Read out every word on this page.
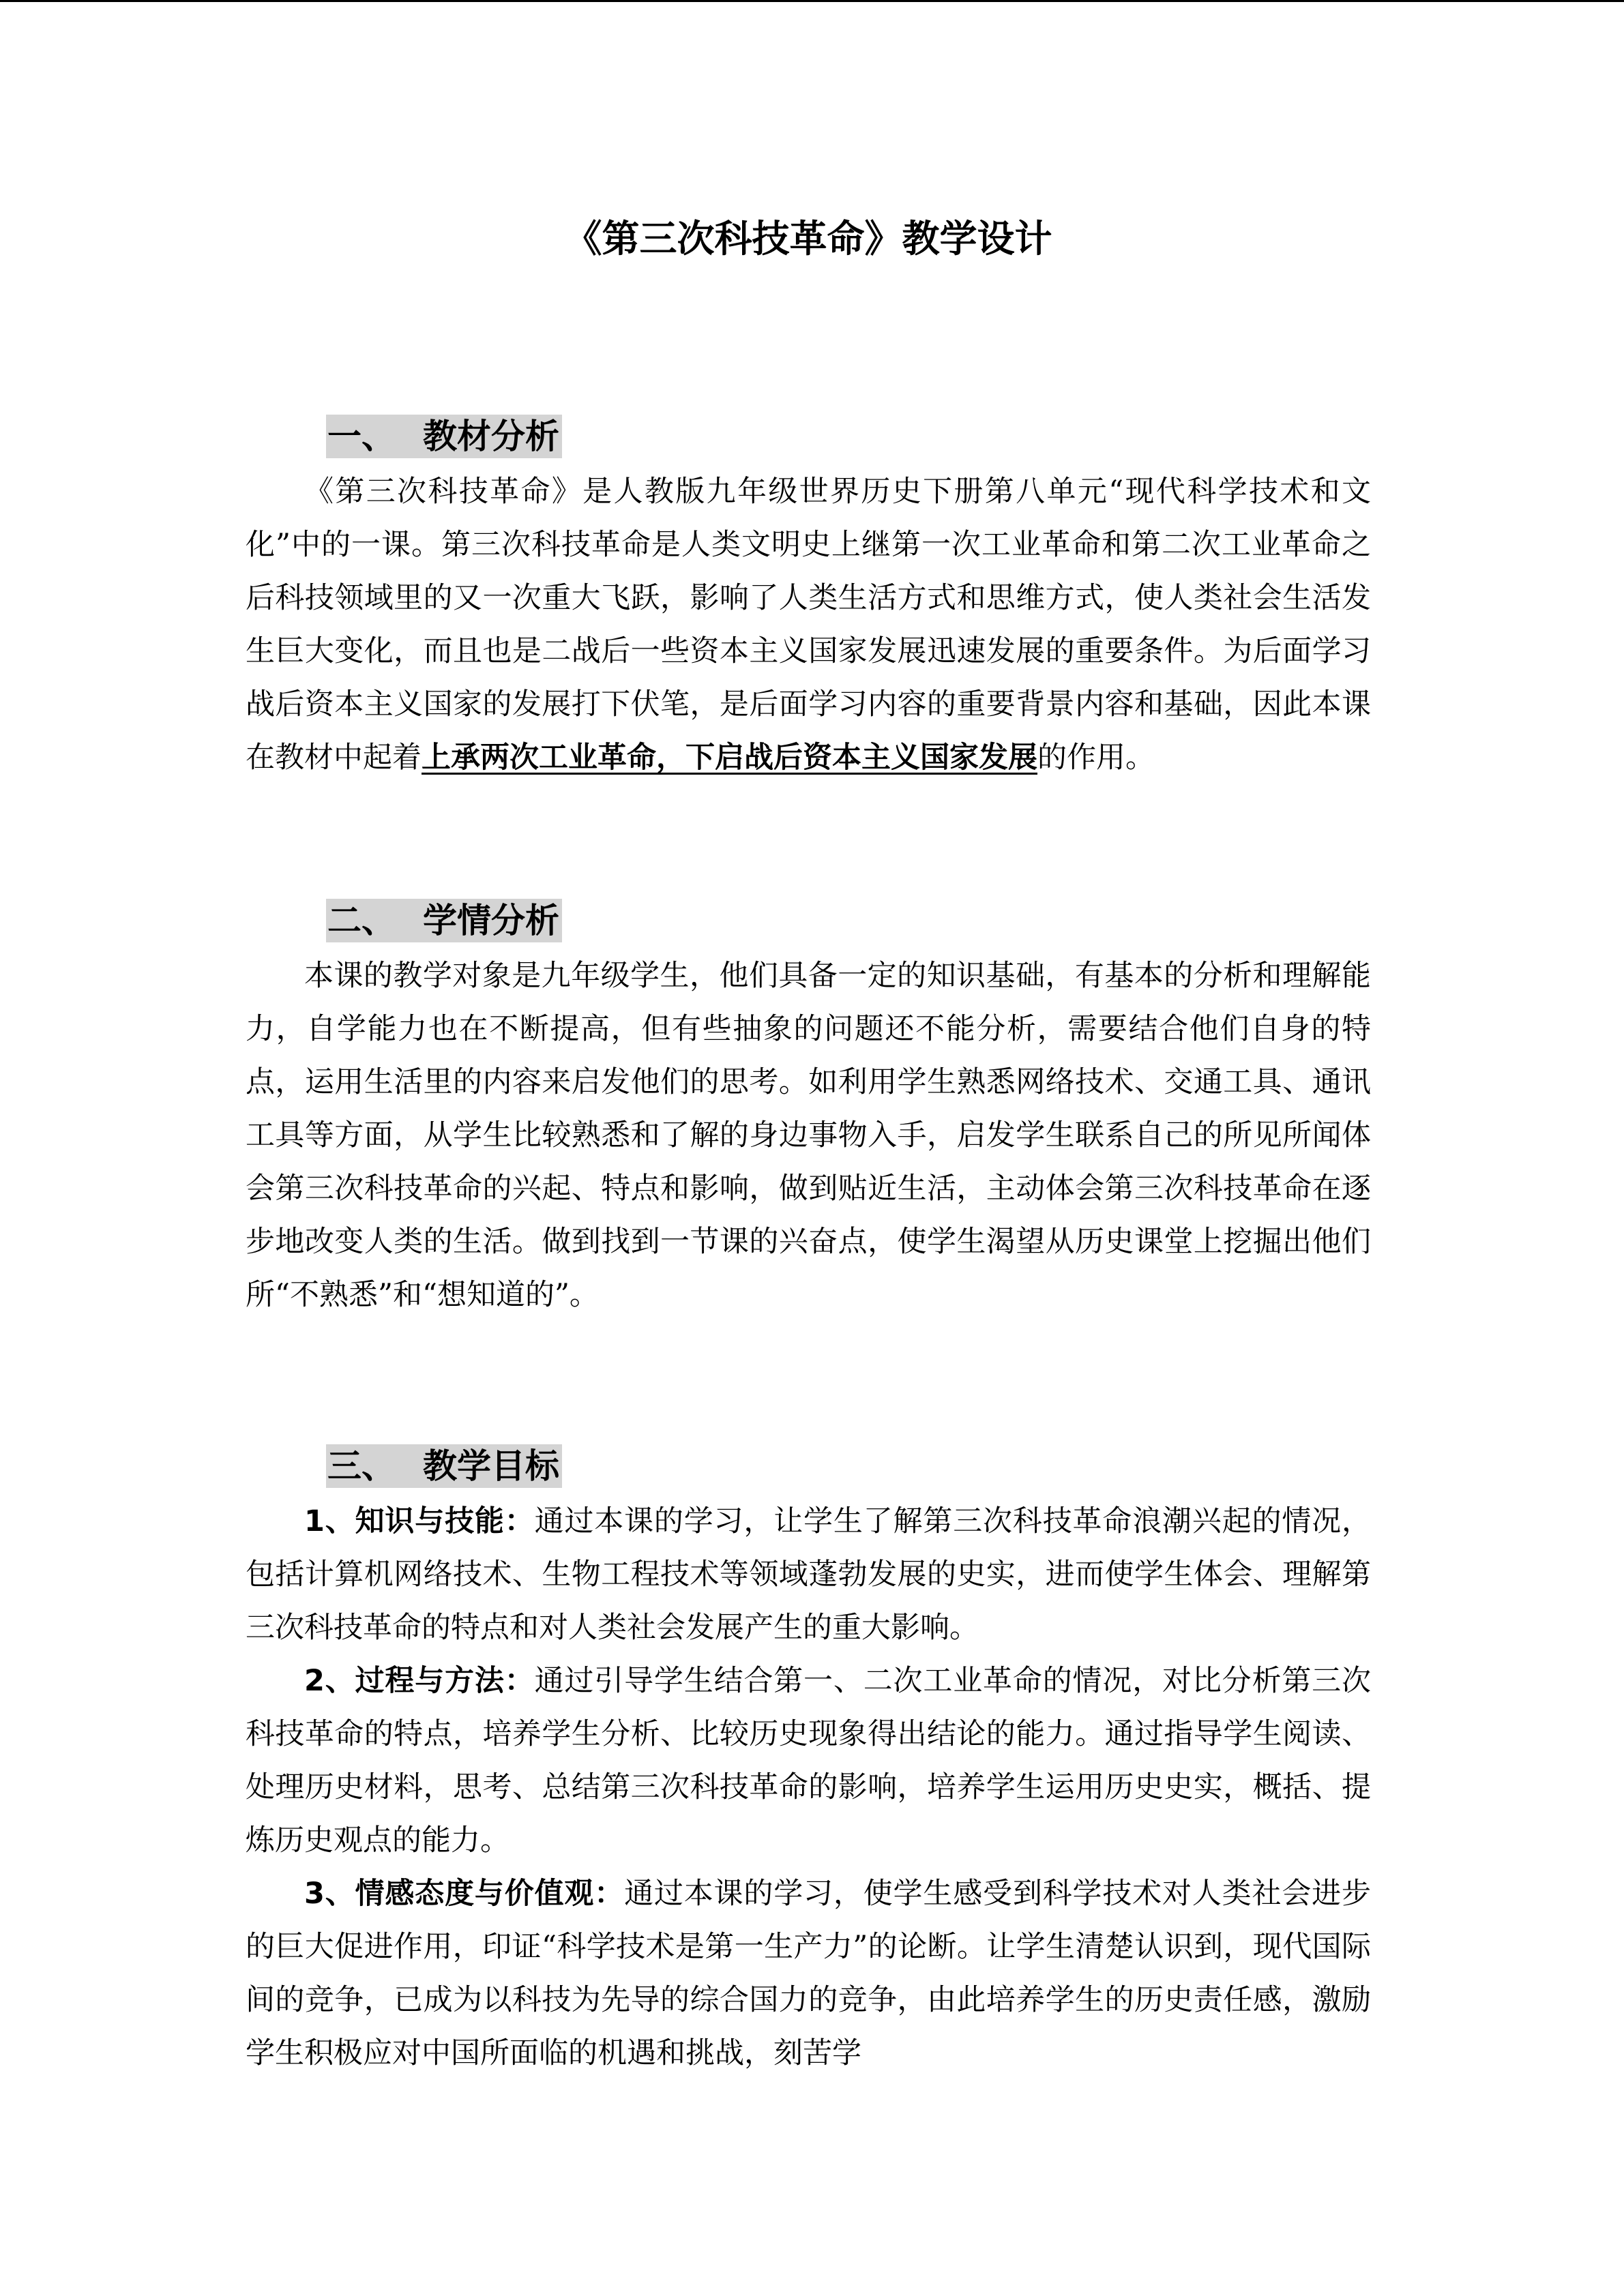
《第三次科技革命》教学设计
一、 教材分析

《第三次科技革命》是人教版九年级世界历史下册第八单元“现代科学技术和文化”中的一课。第三次科技革命是人类文明史上继第一次工业革命和第二次工业革命之后科技领域里的又一次重大飞跃，影响了人类生活方式和思维方式，使人类社会生活发生巨大变化，而且也是二战后一些资本主义国家发展迅速发展的重要条件。为后面学习战后资本主义国家的发展打下伏笔，是后面学习内容的重要背景内容和基础，因此本课在教材中起着上承两次工业革命，下启战后资本主义国家发展的作用。

二、 学情分析

本课的教学对象是九年级学生，他们具备一定的知识基础，有基本的分析和理解能力，自学能力也在不断提高，但有些抽象的问题还不能分析，需要结合他们自身的特点，运用生活里的内容来启发他们的思考。如利用学生熟悉网络技术、交通工具、通讯工具等方面，从学生比较熟悉和了解的身边事物入手，启发学生联系自己的所见所闻体会第三次科技革命的兴起、特点和影响，做到贴近生活，主动体会第三次科技革命在逐步地改变人类的生活。做到找到一节课的兴奋点，使学生渴望从历史课堂上挖掘出他们所“不熟悉”和“想知道的”。

三、 教学目标

1、知识与技能：通过本课的学习，让学生了解第三次科技革命浪潮兴起的情况，包括计算机网络技术、生物工程技术等领域蓬勃发展的史实，进而使学生体会、理解第三次科技革命的特点和对人类社会发展产生的重大影响。

2、过程与方法：通过引导学生结合第一、二次工业革命的情况，对比分析第三次科技革命的特点，培养学生分析、比较历史现象得出结论的能力。通过指导学生阅读、处理历史材料，思考、总结第三次科技革命的影响，培养学生运用历史史实，概括、提炼历史观点的能力。

3、情感态度与价值观：通过本课的学习，使学生感受到科学技术对人类社会进步的巨大促进作用，印证“科学技术是第一生产力”的论断。让学生清楚认识到，现代国际间的竞争，已成为以科技为先导的综合国力的竞争，由此培养学生的历史责任感，激励学生积极应对中国所面临的机遇和挑战，刻苦学
